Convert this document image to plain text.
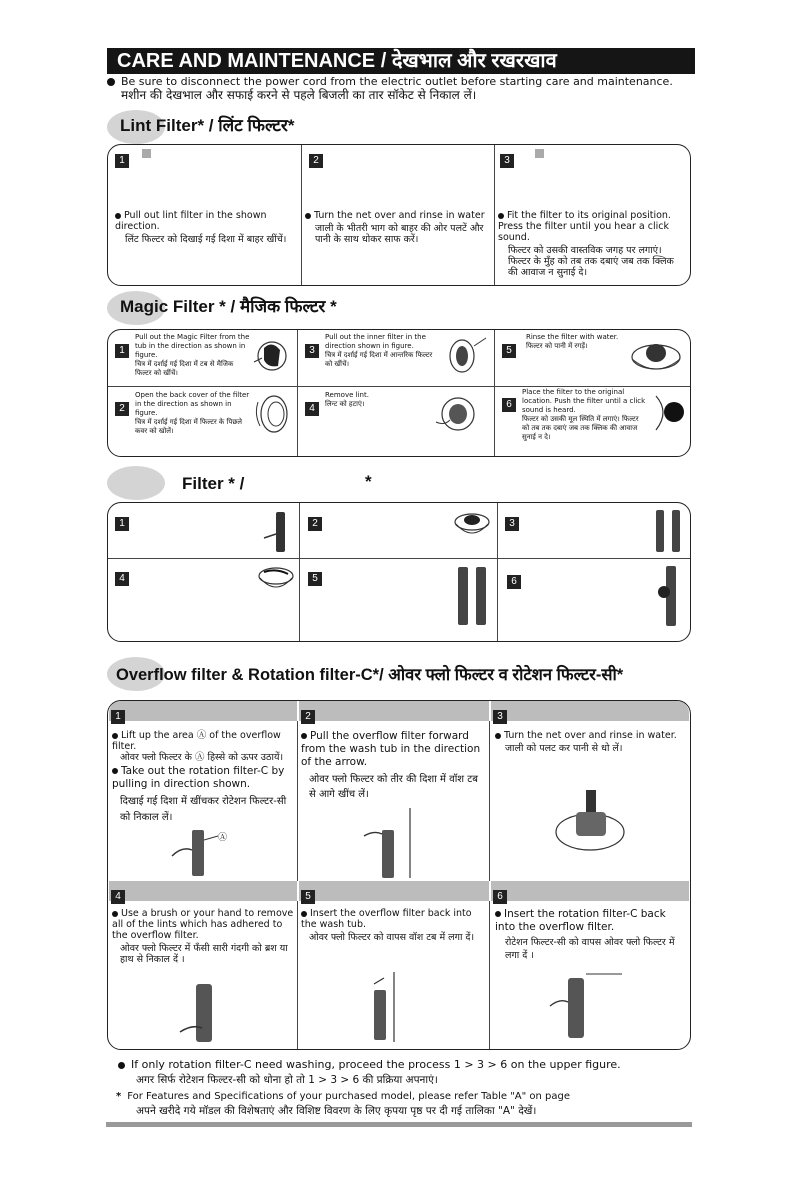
CARE AND MAINTENANCE / देखभाल और रखरखाव
Be sure to disconnect the power cord from the electric outlet before starting care and maintenance.
मशीन की देखभाल और सफाई करने से पहले बिजली का तार सॉकेट से निकाल लें।
Lint Filter* / लिंट फिल्टर*
1	2	3
Pull out lint filter in the shown direction.
लिंट फिल्टर को दिखाई गई दिशा में बाहर खींचें।
Turn the net over and rinse in water
जाली के भीतरी भाग को बाहर की ओर पलटें और पानी के साथ धोकर साफ करें।
Fit the filter to its original position. Press the filter until you hear a click sound.
फिल्टर को उसकी वास्तविक जगह पर लगाएं। फिल्टर के मुँह को तब तक दबाएं जब तक क्लिक की आवाज न सुनाई दे।
Magic Filter * / मैजिक फिल्टर *
1
Pull out the Magic Filter from the tub in the direction as shown in figure.
चित्र में दर्शाई गई दिशा में टब से मैजिक फिल्टर को खींचें।
2
Open the back cover of the filter in the direction as shown in figure.
चित्र में दर्शाई गई दिशा में फिल्टर के पिछले कवर को खोलें।
3
Pull out the inner filter in the direction shown in figure.
चित्र में दर्शाई गई दिशा में आन्तरिक फिल्टर को खींचें।
4
Remove lint.
लिन्ट को हटाएं।
5
Rinse the filter with water.
फिल्टर को पानी में रगड़ें।
6
Place the filter to the original location. Push the filter until a click sound is heard.
फिल्टर को उसकी मूल स्थिति में लगाएं। फिल्टर को तब तक दबाएं जब तक क्लिक की आवाज सुनाई न दे।
Filter * /	*
1	2	3
4	5	6
Overflow filter & Rotation filter-C*/ ओवर फ्लो फिल्टर व रोटेशन फिल्टर-सी*
1	2	3
4	5	6
Lift up the area Ⓐ of the overflow filter.
ओवर फ्लो फिल्टर के Ⓐ हिस्से को ऊपर उठायें।
Take out the rotation filter-C by pulling in direction shown.
दिखाई गई दिशा में खींचकर रोटेशन फिल्टर-सी को निकाल लें।
Ⓐ
Pull the overflow filter forward from the wash tub in the direction of the arrow.
ओवर फ्लो फिल्टर को तीर की दिशा में वॉश टब से आगे खींच लें।
Turn the net over and rinse in water.
जाली को पलट कर पानी से धो लें।
Use a brush or your hand to remove all of the lints which has adhered to the overflow filter.
ओवर फ्लो फिल्टर में फँसी सारी गंदगी को ब्रश या हाथ से निकाल दें ।
Insert the overflow filter back into the wash tub.
ओवर फ्लो फिल्टर को वापस वॉश टब में लगा दें।
Insert the rotation filter-C back into the overflow filter.
रोटेशन फिल्टर-सी को वापस ओवर फ्लो फिल्टर में लगा दें ।
If only rotation filter-C need washing, proceed the process 1 > 3 > 6 on the upper figure.
अगर सिर्फ रोटेशन फिल्टर-सी को धोना हो तो 1 > 3 > 6 की प्रक्रिया अपनाएं।
* For Features and Specifications of your purchased model, please refer Table "A" on page
अपने खरीदे गये मॉडल की विशेषताएं और विशिष्ट विवरण के लिए कृपया पृष्ठ पर दी गई तालिका "A" देखें।
